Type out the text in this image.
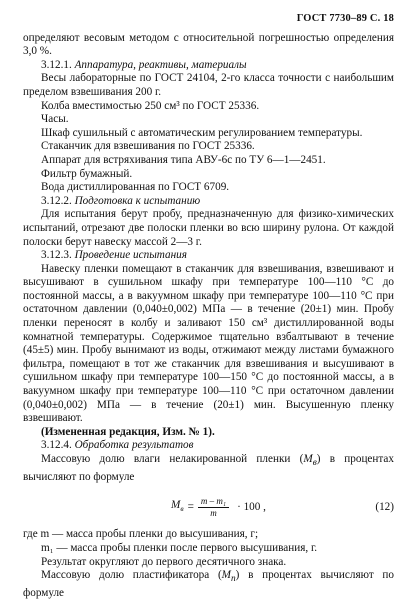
ГОСТ 7730–89 С. 18

определяют весовым методом с относительной погрешностью определения 3,0 %.

3.12.1. Аппаратура, реактивы, материалы

Весы лабораторные по ГОСТ 24104, 2-го класса точности с наибольшим пределом взвешивания 200 г.

Колба вместимостью 250 см³ по ГОСТ 25336.

Часы.

Шкаф сушильный с автоматическим регулированием температуры.

Стаканчик для взвешивания по ГОСТ 25336.

Аппарат для встряхивания типа АВУ-6с по ТУ 6—1—2451.

Фильтр бумажный.

Вода дистиллированная по ГОСТ 6709.

3.12.2. Подготовка к испытанию

Для испытания берут пробу, предназначенную для физико-химических испытаний, отрезают две полоски пленки во всю ширину рулона. От каждой полоски берут навеску массой 2—3 г.

3.12.3. Проведение испытания

Навеску пленки помещают в стаканчик для взвешивания, взвешивают и высушивают в сушильном шкафу при температуре 100—110 °С до постоянной массы, а в вакуумном шкафу при температуре 100—110 °С при остаточном давлении (0,040±0,002) МПа — в течение (20±1) мин. Пробу пленки переносят в колбу и заливают 150 см³ дистиллированной воды комнатной температуры. Содержимое тщательно взбалтывают в течение (45±5) мин. Пробу вынимают из воды, отжимают между листами бумажного фильтра, помещают в тот же стаканчик для взвешивания и высушивают в сушильном шкафу при температуре 100—150 °С до постоянной массы, а в вакуумном шкафу при температуре 100—110 °С при остаточном давлении (0,040±0,002) МПа — в течение (20±1) мин. Высушенную пленку взвешивают.

(Измененная редакция, Изм. № 1).

3.12.4. Обработка результатов

Массовую долю влаги нелакированной пленки $(M_в)$ в процентах вычисляют по формуле

$M_в = \frac{\text{m – m₁}}{m} \cdot 100$ ,	(12)

где m — масса пробы пленки до высушивания, г;

m₁ — масса пробы пленки после первого высушивания, г.

Результат округляют до первого десятичного знака.

Массовую долю пластификатора $(M_п)$ в процентах вычисляют по формуле
